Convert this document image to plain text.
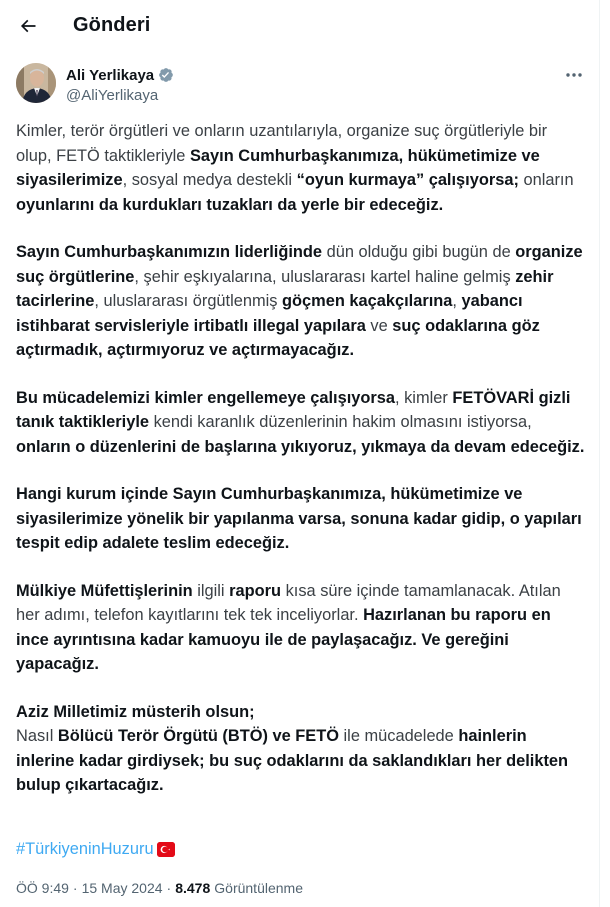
Gönderi
Ali Yerlikaya
@AliYerlikaya

Kimler, terör örgütleri ve onların uzantılarıyla, organize suç örgütleriyle bir olup, FETÖ taktikleriyle Sayın Cumhurbaşkanımıza, hükümetimize ve siyasilerimize, sosyal medya destekli “oyun kurmaya” çalışıyorsa; onların oyunlarını da kurdukları tuzakları da yerle bir edeceğiz.

Sayın Cumhurbaşkanımızın liderliğinde dün olduğu gibi bugün de organize suç örgütlerine, şehir eşkıyalarına, uluslararası kartel haline gelmiş zehir tacirlerine, uluslararası örgütlenmiş göçmen kaçakçılarına, yabancı istihbarat servisleriyle irtibatlı illegal yapılara ve suç odaklarına göz açtırmadık, açtırmıyoruz ve açtırmayacağız.

Bu mücadelemizi kimler engellemeye çalışıyorsa, kimler FETÖVARİ gizli tanık taktikleriyle kendi karanlık düzenlerinin hakim olmasını istiyorsa, onların o düzenlerini de başlarına yıkıyoruz, yıkmaya da devam edeceğiz.

Hangi kurum içinde Sayın Cumhurbaşkanımıza, hükümetimize ve siyasilerimize yönelik bir yapılanma varsa, sonuna kadar gidip, o yapıları tespit edip adalete teslim edeceğiz.

Mülkiye Müfettişlerinin ilgili raporu kısa süre içinde tamamlanacak. Atılan her adımı, telefon kayıtlarını tek tek inceliyorlar. Hazırlanan bu raporu en ince ayrıntısına kadar kamuoyu ile de paylaşacağız. Ve gereğini yapacağız.

Aziz Milletimiz müsterih olsun;
Nasıl Bölücü Terör Örgütü (BTÖ) ve FETÖ ile mücadelede hainlerin inlerine kadar girdiysek; bu suç odaklarını da saklandıkları her delikten bulup çıkartacağız.

#TürkiyeninHuzuru
ÖÖ 9:49 · 15 May 2024 · 8.478 Görüntülenme
